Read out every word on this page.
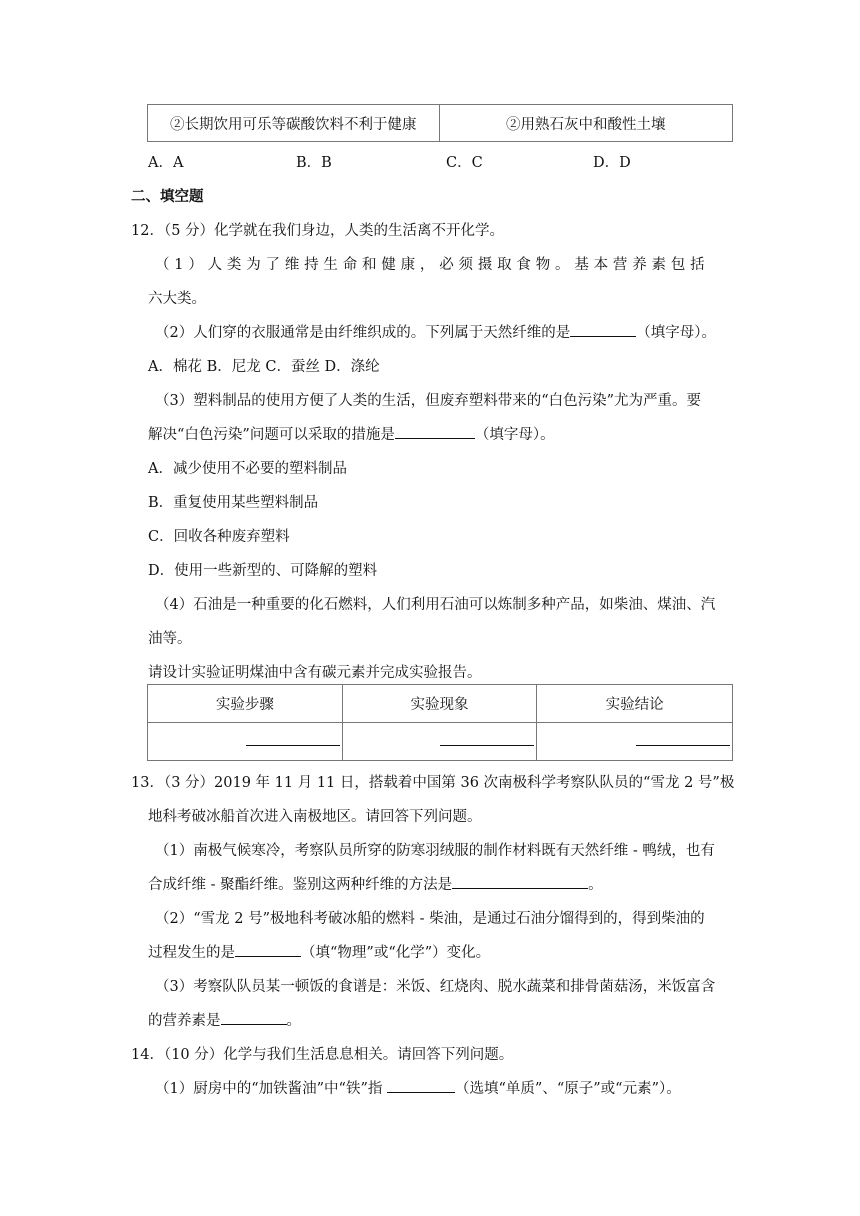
②长期饮用可乐等碳酸饮料不利于健康	②用熟石灰中和酸性土壤
A．A	B．B	C．C	D．D
二、填空题
12．（5 分）化学就在我们身边，人类的生活离不开化学。
（1）人类为了维持生命和健康，必须摄取食物。基本营养素包括
六大类。
（2）人们穿的衣服通常是由纤维织成的。下列属于天然纤维的是	（填字母）。
A．棉花 B．尼龙 C．蚕丝 D．涤纶
（3）塑料制品的使用方便了人类的生活，但废弃塑料带来的“白色污染”尤为严重。要
解决“白色污染”问题可以采取的措施是	（填字母）。
A．减少使用不必要的塑料制品
B．重复使用某些塑料制品
C．回收各种废弃塑料
D．使用一些新型的、可降解的塑料
（4）石油是一种重要的化石燃料，人们利用石油可以炼制多种产品，如柴油、煤油、汽
油等。
请设计实验证明煤油中含有碳元素并完成实验报告。
实验步骤	实验现象	实验结论

13．（3 分）2019 年 11 月 11 日，搭载着中国第 36 次南极科学考察队队员的“雪龙 2 号”极
地科考破冰船首次进入南极地区。请回答下列问题。
（1）南极气候寒冷，考察队员所穿的防寒羽绒服的制作材料既有天然纤维 - 鸭绒，也有
合成纤维 - 聚酯纤维。鉴别这两种纤维的方法是	。
（2）“雪龙 2 号”极地科考破冰船的燃料 - 柴油，是通过石油分馏得到的，得到柴油的
过程发生的是	（填“物理”或“化学”）变化。
（3）考察队队员某一顿饭的食谱是：米饭、红烧肉、脱水蔬菜和排骨菌菇汤，米饭富含
的营养素是	。
14．（10 分）化学与我们生活息息相关。请回答下列问题。
（1）厨房中的“加铁酱油”中“铁”指	（选填“单质”、“原子”或“元素”）。
